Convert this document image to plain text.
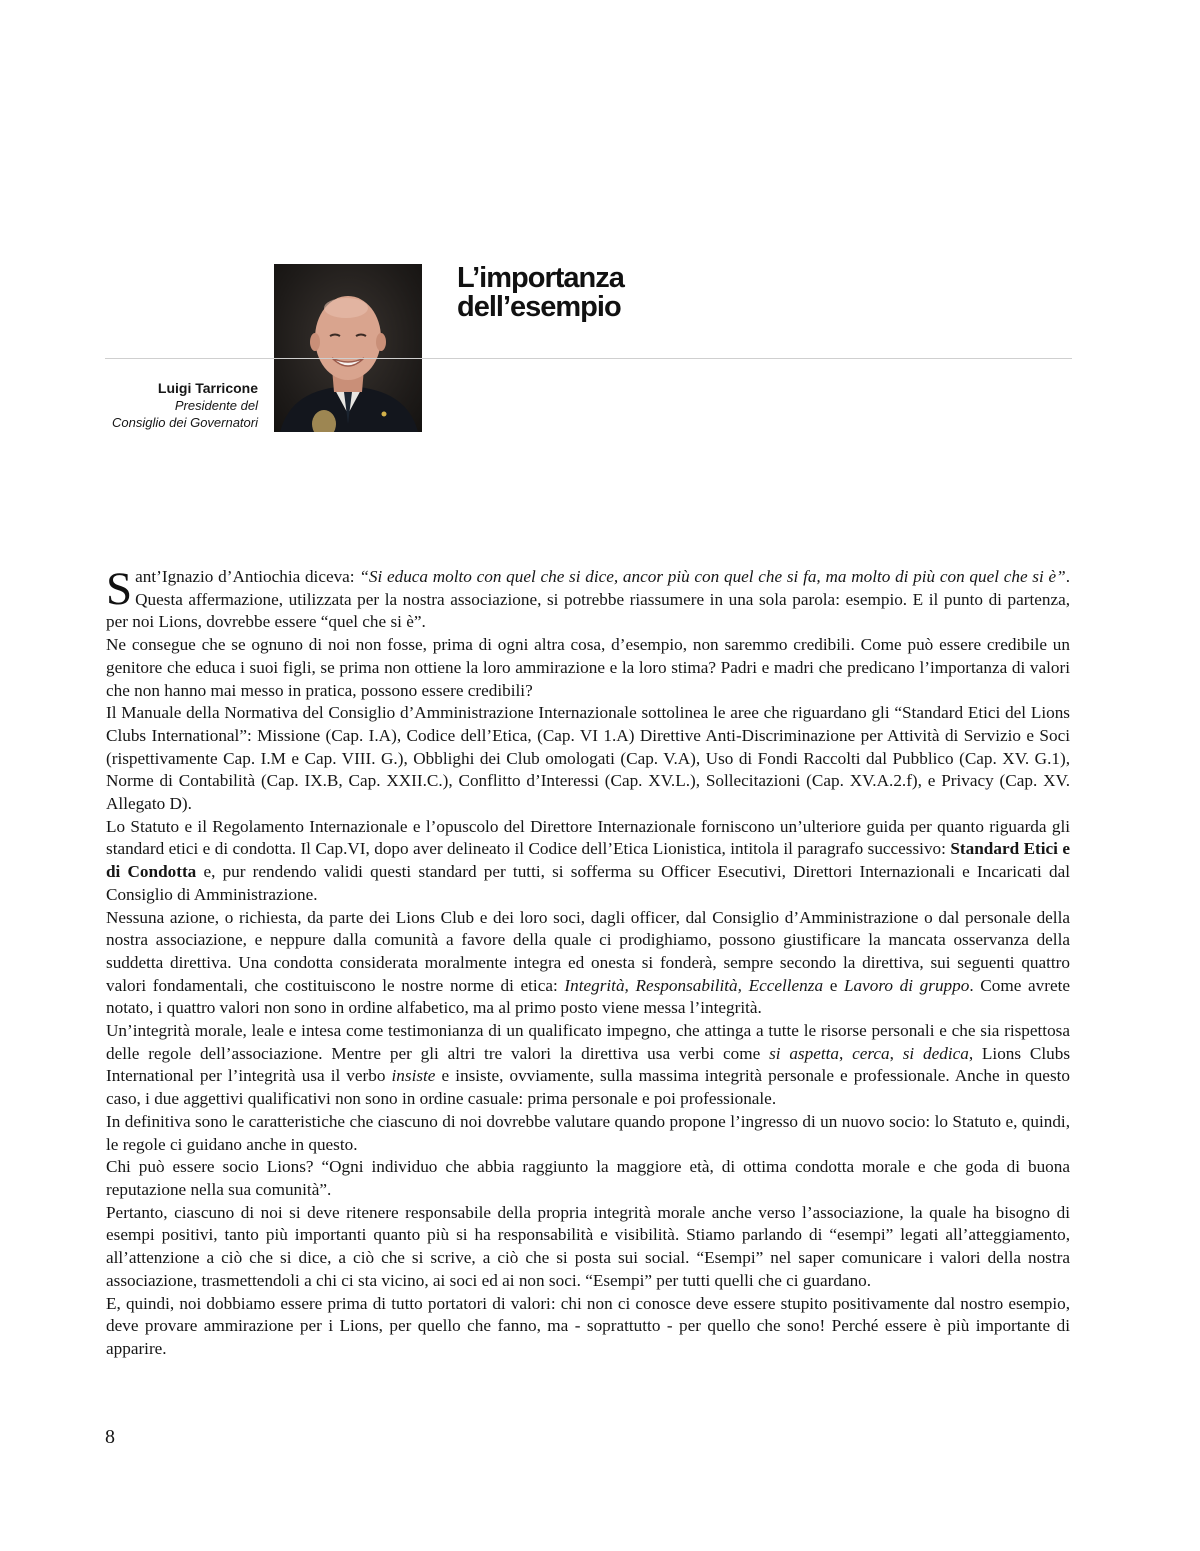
L’importanza
dell’esempio
Luigi Tarricone
Presidente del
Consiglio dei Governatori

Sant’Ignazio d’Antiochia diceva: “Si educa molto con quel che si dice, ancor più con quel che si fa, ma molto di più con quel che si è”. Questa affermazione, utilizzata per la nostra associazione, si potrebbe riassumere in una sola parola: esempio. E il punto di partenza, per noi Lions, dovrebbe essere “quel che si è”.

Ne consegue che se ognuno di noi non fosse, prima di ogni altra cosa, d’esempio, non saremmo credibili. Come può essere credibile un genitore che educa i suoi figli, se prima non ottiene la loro ammirazione e la loro stima? Padri e madri che predicano l’importanza di valori che non hanno mai messo in pratica, possono essere credibili?

Il Manuale della Normativa del Consiglio d’Amministrazione Internazionale sottolinea le aree che riguardano gli “Standard Etici del Lions Clubs International”: Missione (Cap. I.A), Codice dell’Etica, (Cap. VI 1.A) Direttive Anti-Discriminazione per Attività di Servizio e Soci (rispettivamente Cap. I.M e Cap. VIII. G.), Obblighi dei Club omologati (Cap. V.A), Uso di Fondi Raccolti dal Pubblico (Cap. XV. G.1), Norme di Contabilità (Cap. IX.B, Cap. XXII.C.), Conflitto d’Interessi (Cap. XV.L.), Sollecitazioni (Cap. XV.A.2.f), e Privacy (Cap. XV. Allegato D).

Lo Statuto e il Regolamento Internazionale e l’opuscolo del Direttore Internazionale forniscono un’ulteriore guida per quanto riguarda gli standard etici e di condotta. Il Cap.VI, dopo aver delineato il Codice dell’Etica Lionistica, intitola il paragrafo successivo: Standard Etici e di Condotta e, pur rendendo validi questi standard per tutti, si sofferma su Officer Esecutivi, Direttori Internazionali e Incaricati dal Consiglio di Amministrazione.

Nessuna azione, o richiesta, da parte dei Lions Club e dei loro soci, dagli officer, dal Consiglio d’Amministrazione o dal personale della nostra associazione, e neppure dalla comunità a favore della quale ci prodighiamo, possono giustificare la mancata osservanza della suddetta direttiva. Una condotta considerata moralmente integra ed onesta si fonderà, sempre secondo la direttiva, sui seguenti quattro valori fondamentali, che costituiscono le nostre norme di etica: Integrità, Responsabilità, Eccellenza e Lavoro di gruppo. Come avrete notato, i quattro valori non sono in ordine alfabetico, ma al primo posto viene messa l’integrità.

Un’integrità morale, leale e intesa come testimonianza di un qualificato impegno, che attinga a tutte le risorse personali e che sia rispettosa delle regole dell’associazione. Mentre per gli altri tre valori la direttiva usa verbi come si aspetta, cerca, si dedica, Lions Clubs International per l’integrità usa il verbo insiste e insiste, ovviamente, sulla massima integrità personale e professionale. Anche in questo caso, i due aggettivi qualificativi non sono in ordine casuale: prima personale e poi professionale.

In definitiva sono le caratteristiche che ciascuno di noi dovrebbe valutare quando propone l’ingresso di un nuovo socio: lo Statuto e, quindi, le regole ci guidano anche in questo.

Chi può essere socio Lions? “Ogni individuo che abbia raggiunto la maggiore età, di ottima condotta morale e che goda di buona reputazione nella sua comunità”.

Pertanto, ciascuno di noi si deve ritenere responsabile della propria integrità morale anche verso l’associazione, la quale ha bisogno di esempi positivi, tanto più importanti quanto più si ha responsabilità e visibilità. Stiamo parlando di “esempi” legati all’atteggiamento, all’attenzione a ciò che si dice, a ciò che si scrive, a ciò che si posta sui social. “Esempi” nel saper comunicare i valori della nostra associazione, trasmettendoli a chi ci sta vicino, ai soci ed ai non soci. “Esempi” per tutti quelli che ci guardano.

E, quindi, noi dobbiamo essere prima di tutto portatori di valori: chi non ci conosce deve essere stupito positivamente dal nostro esempio, deve provare ammirazione per i Lions, per quello che fanno, ma - soprattutto - per quello che sono! Perché essere è più importante di apparire.

8
